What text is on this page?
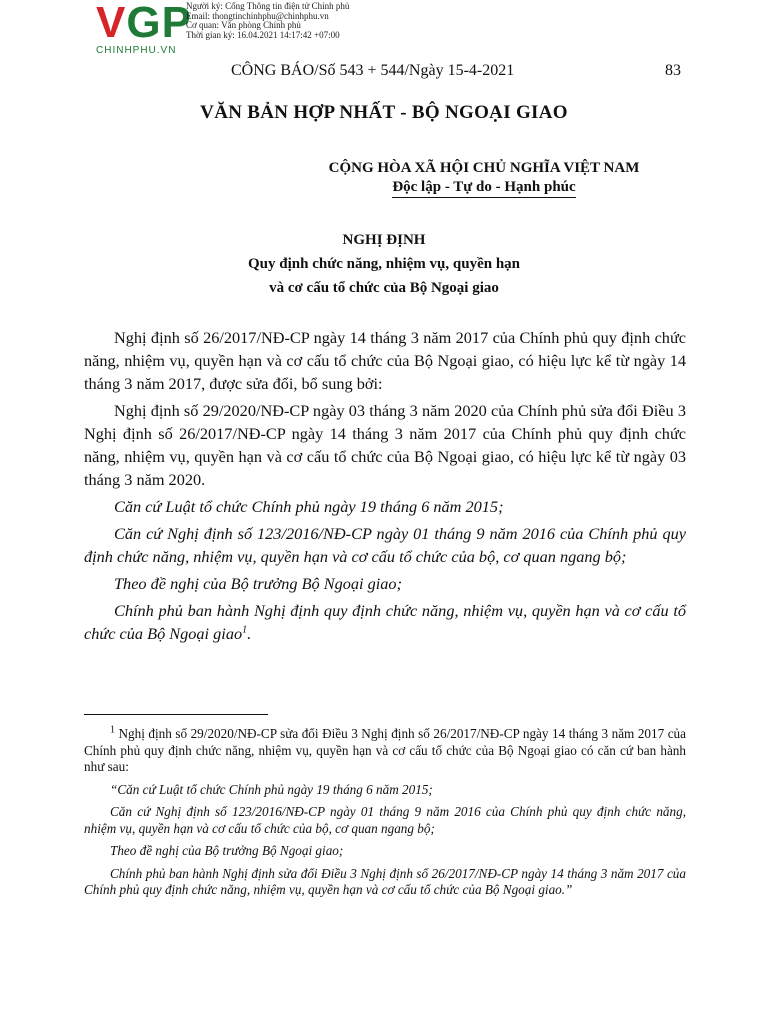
V G P
CHINHPHU.VN
Người ký: Cổng Thông tin điện tử Chính phủ
Email: thongtinchinhphu@chinhphu.vn
Cơ quan: Văn phòng Chính phủ
Thời gian ký: 16.04.2021 14:17:42 +07:00
CÔNG BÁO/Số 543 + 544/Ngày 15-4-2021	83
VĂN BẢN HỢP NHẤT - BỘ NGOẠI GIAO
CỘNG HÒA XÃ HỘI CHỦ NGHĨA VIỆT NAM
Độc lập - Tự do - Hạnh phúc
NGHỊ ĐỊNH
Quy định chức năng, nhiệm vụ, quyền hạn
và cơ cấu tổ chức của Bộ Ngoại giao

Nghị định số 26/2017/NĐ-CP ngày 14 tháng 3 năm 2017 của Chính phủ quy định chức năng, nhiệm vụ, quyền hạn và cơ cấu tổ chức của Bộ Ngoại giao, có hiệu lực kể từ ngày 14 tháng 3 năm 2017, được sửa đổi, bổ sung bởi:

Nghị định số 29/2020/NĐ-CP ngày 03 tháng 3 năm 2020 của Chính phủ sửa đổi Điều 3 Nghị định số 26/2017/NĐ-CP ngày 14 tháng 3 năm 2017 của Chính phủ quy định chức năng, nhiệm vụ, quyền hạn và cơ cấu tổ chức của Bộ Ngoại giao, có hiệu lực kể từ ngày 03 tháng 3 năm 2020.

Căn cứ Luật tổ chức Chính phủ ngày 19 tháng 6 năm 2015;

Căn cứ Nghị định số 123/2016/NĐ-CP ngày 01 tháng 9 năm 2016 của Chính phủ quy định chức năng, nhiệm vụ, quyền hạn và cơ cấu tổ chức của bộ, cơ quan ngang bộ;

Theo đề nghị của Bộ trưởng Bộ Ngoại giao;

Chính phủ ban hành Nghị định quy định chức năng, nhiệm vụ, quyền hạn và cơ cấu tổ chức của Bộ Ngoại giao$^1$.

$^1$ Nghị định số 29/2020/NĐ-CP sửa đổi Điều 3 Nghị định số 26/2017/NĐ-CP ngày 14 tháng 3 năm 2017 của Chính phủ quy định chức năng, nhiệm vụ, quyền hạn và cơ cấu tổ chức của Bộ Ngoại giao có căn cứ ban hành như sau:

“Căn cứ Luật tổ chức Chính phủ ngày 19 tháng 6 năm 2015;

Căn cứ Nghị định số 123/2016/NĐ-CP ngày 01 tháng 9 năm 2016 của Chính phủ quy định chức năng, nhiệm vụ, quyền hạn và cơ cấu tổ chức của bộ, cơ quan ngang bộ;

Theo đề nghị của Bộ trưởng Bộ Ngoại giao;

Chính phủ ban hành Nghị định sửa đổi Điều 3 Nghị định số 26/2017/NĐ-CP ngày 14 tháng 3 năm 2017 của Chính phủ quy định chức năng, nhiệm vụ, quyền hạn và cơ cấu tổ chức của Bộ Ngoại giao.”
